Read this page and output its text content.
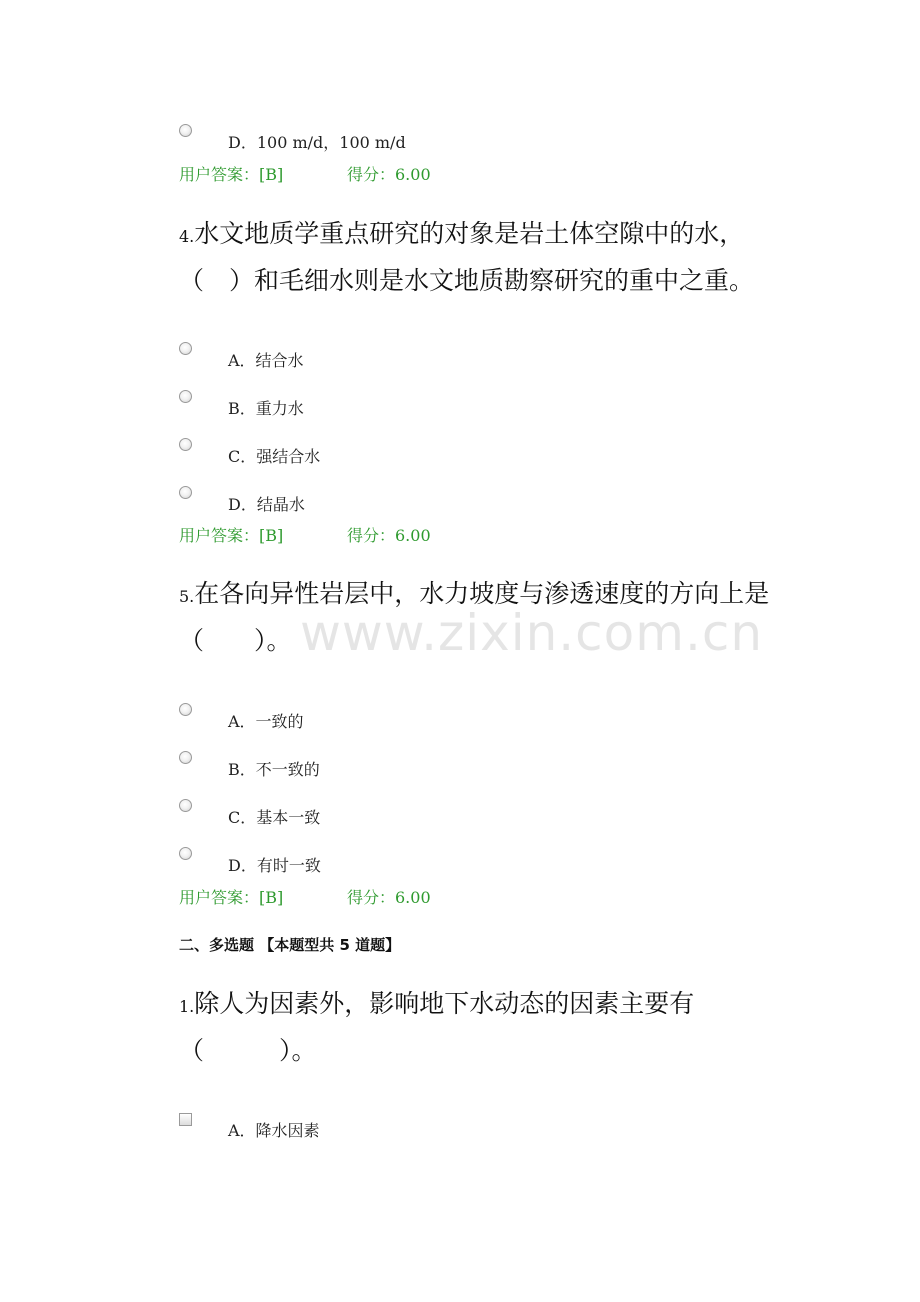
D．100 m/d，100 m/d
用户答案：[B]	得分：6.00
4.水文地质学重点研究的对象是岩土体空隙中的水，（　）和毛细水则是水文地质勘察研究的重中之重。
A．结合水
B．重力水
C．强结合水
D．结晶水
用户答案：[B]	得分：6.00
5.在各向异性岩层中，水力坡度与渗透速度的方向上是（　　）。 www.zixin.com.cn
A．一致的
B．不一致的
C．基本一致
D．有时一致
用户答案：[B]	得分：6.00
二、多选题 【本题型共 5 道题】
1.除人为因素外，影响地下水动态的因素主要有（　　　）。
A．降水因素
